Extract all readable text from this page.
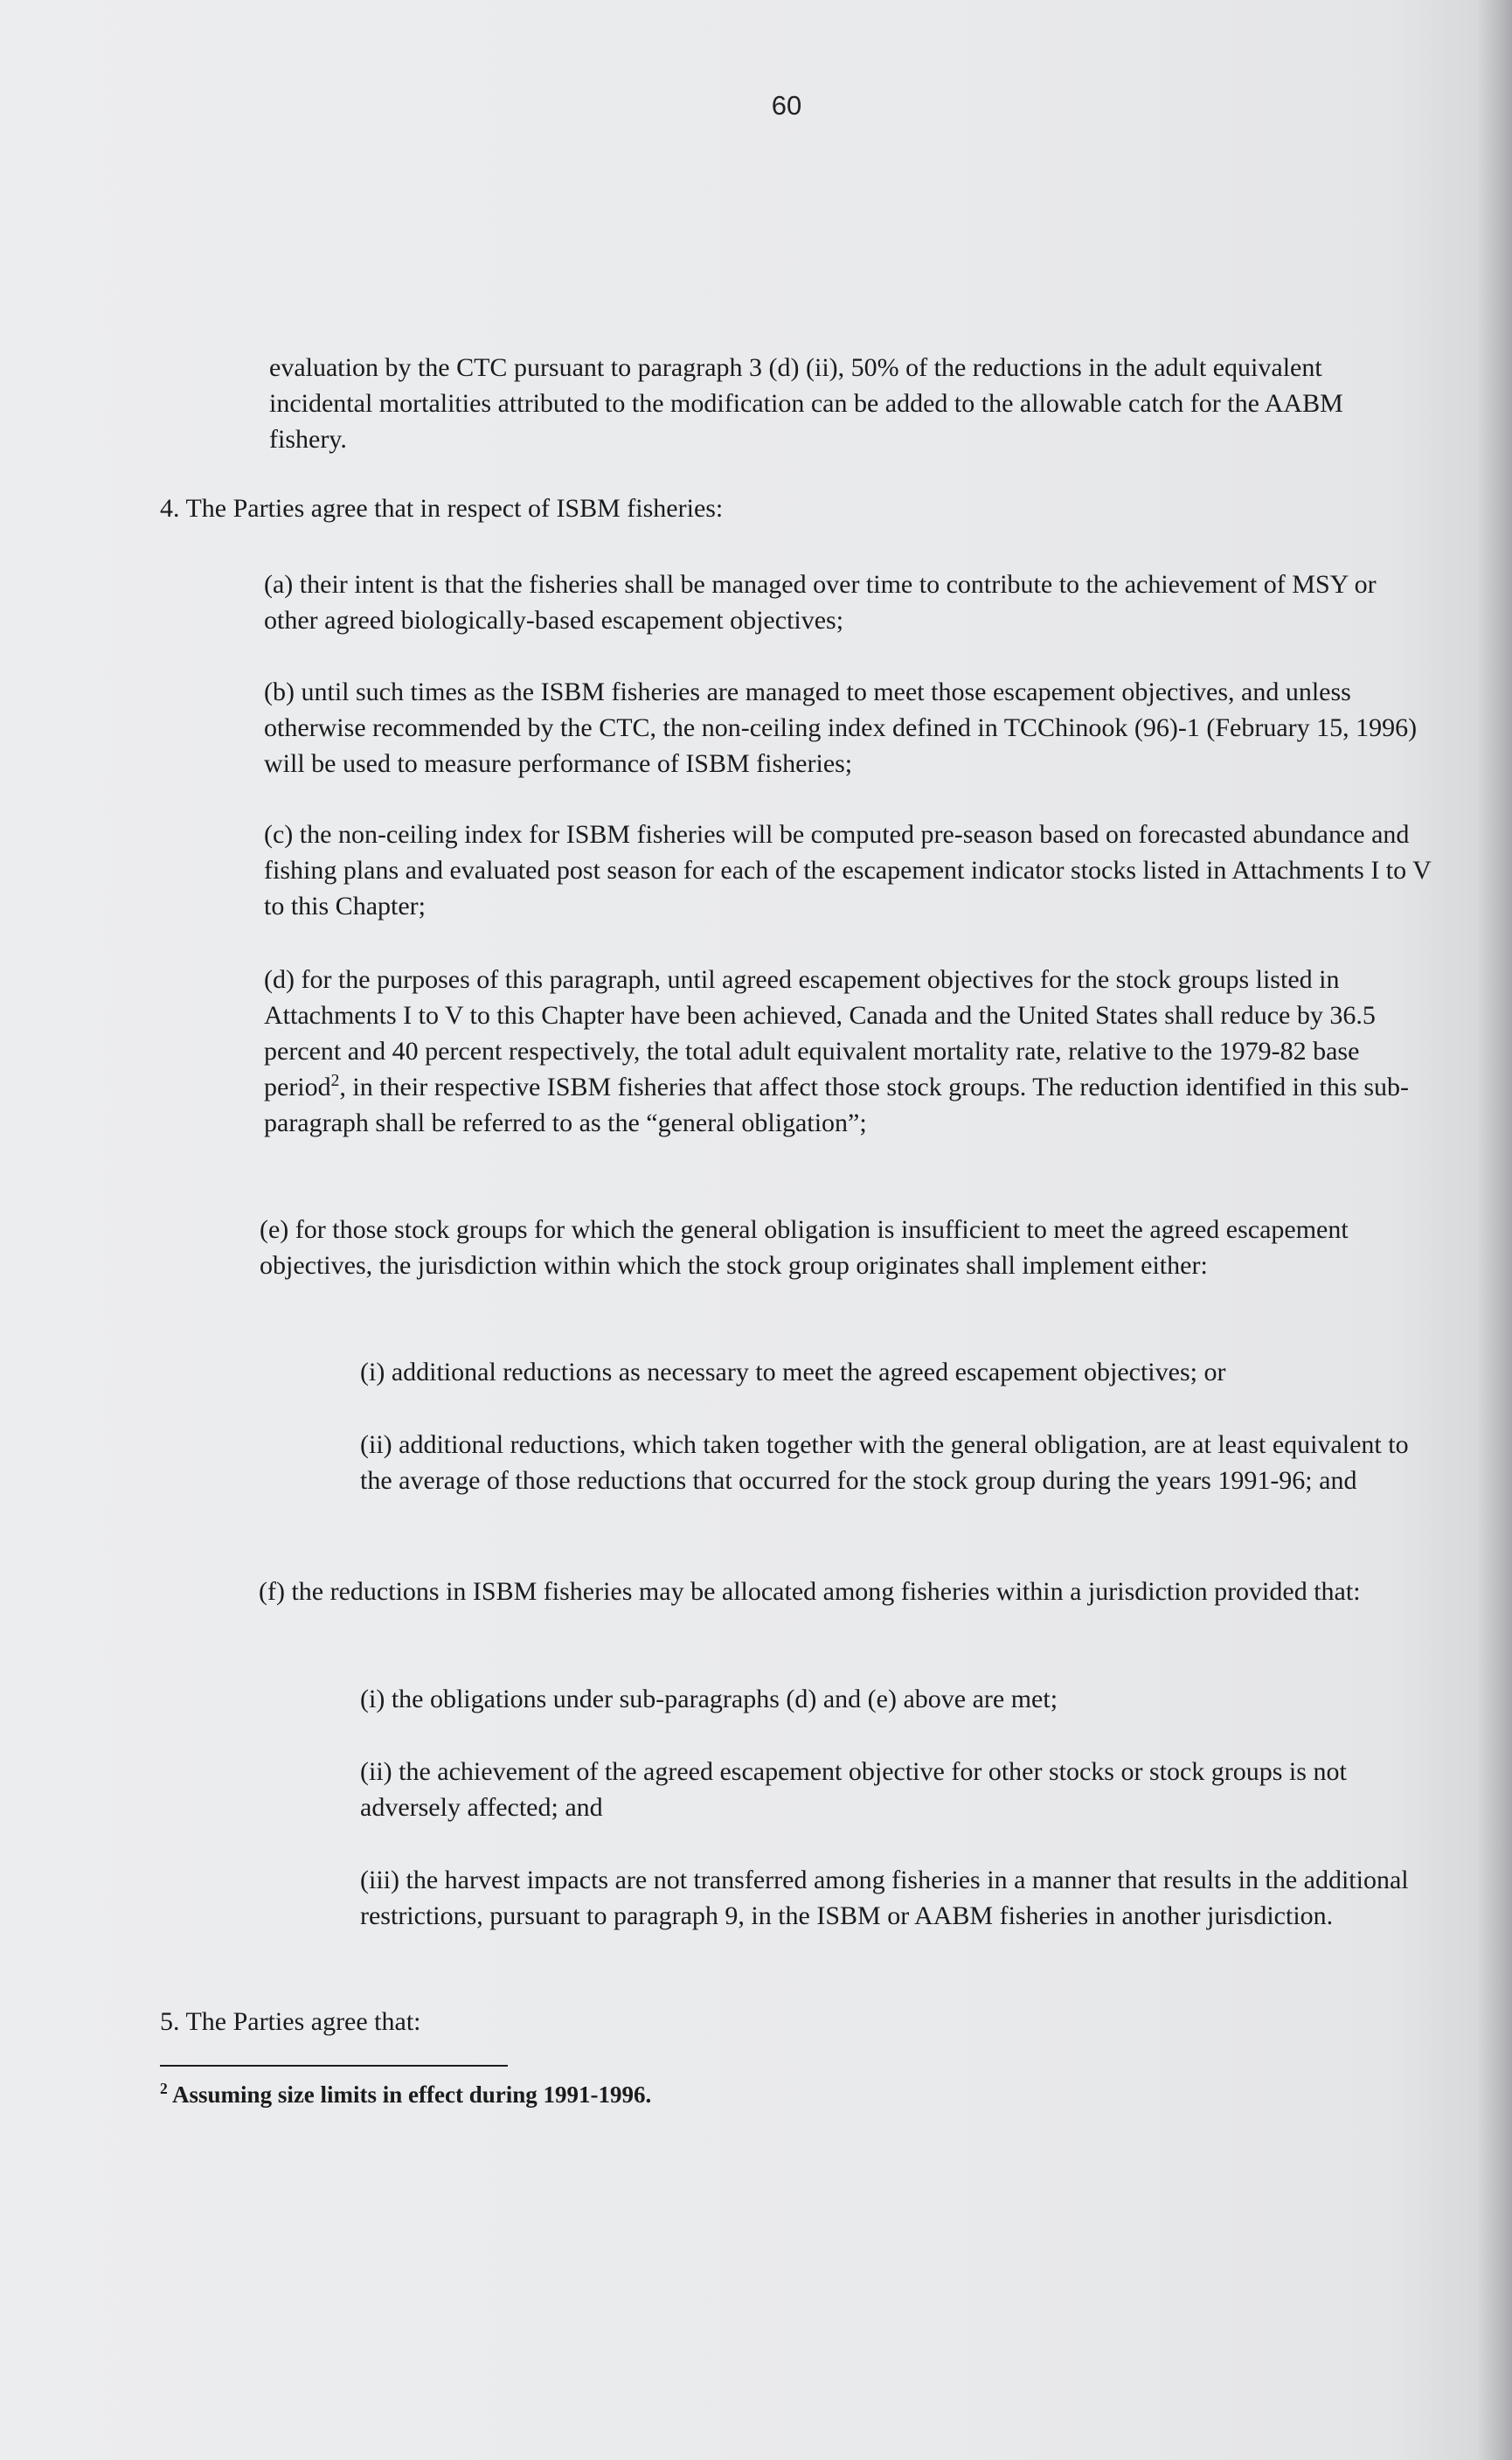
60

evaluation by the CTC pursuant to paragraph 3 (d) (ii), 50% of the reductions in the adult equivalent incidental mortalities attributed to the modification can be added to the allowable catch for the AABM fishery.

4. The Parties agree that in respect of ISBM fisheries:

(a) their intent is that the fisheries shall be managed over time to contribute to the achievement of MSY or other agreed biologically-based escapement objectives;

(b) until such times as the ISBM fisheries are managed to meet those escapement objectives, and unless otherwise recommended by the CTC, the non-ceiling index defined in TCChinook (96)-1 (February 15, 1996) will be used to measure performance of ISBM fisheries;

(c) the non-ceiling index for ISBM fisheries will be computed pre-season based on forecasted abundance and fishing plans and evaluated post season for each of the escapement indicator stocks listed in Attachments I to V to this Chapter;

(d) for the purposes of this paragraph, until agreed escapement objectives for the stock groups listed in Attachments I to V to this Chapter have been achieved, Canada and the United States shall reduce by 36.5 percent and 40 percent respectively, the total adult equivalent mortality rate, relative to the 1979-82 base period$^2$, in their respective ISBM fisheries that affect those stock groups. The reduction identified in this sub-paragraph shall be referred to as the “general obligation”;

(e) for those stock groups for which the general obligation is insufficient to meet the agreed escapement objectives, the jurisdiction within which the stock group originates shall implement either:

(i) additional reductions as necessary to meet the agreed escapement objectives; or

(ii) additional reductions, which taken together with the general obligation, are at least equivalent to the average of those reductions that occurred for the stock group during the years 1991-96; and

(f) the reductions in ISBM fisheries may be allocated among fisheries within a jurisdiction provided that:

(i) the obligations under sub-paragraphs (d) and (e) above are met;

(ii) the achievement of the agreed escapement objective for other stocks or stock groups is not adversely affected; and

(iii) the harvest impacts are not transferred among fisheries in a manner that results in the additional restrictions, pursuant to paragraph 9, in the ISBM or AABM fisheries in another jurisdiction.

5. The Parties agree that:

$^2$ Assuming size limits in effect during 1991-1996.
